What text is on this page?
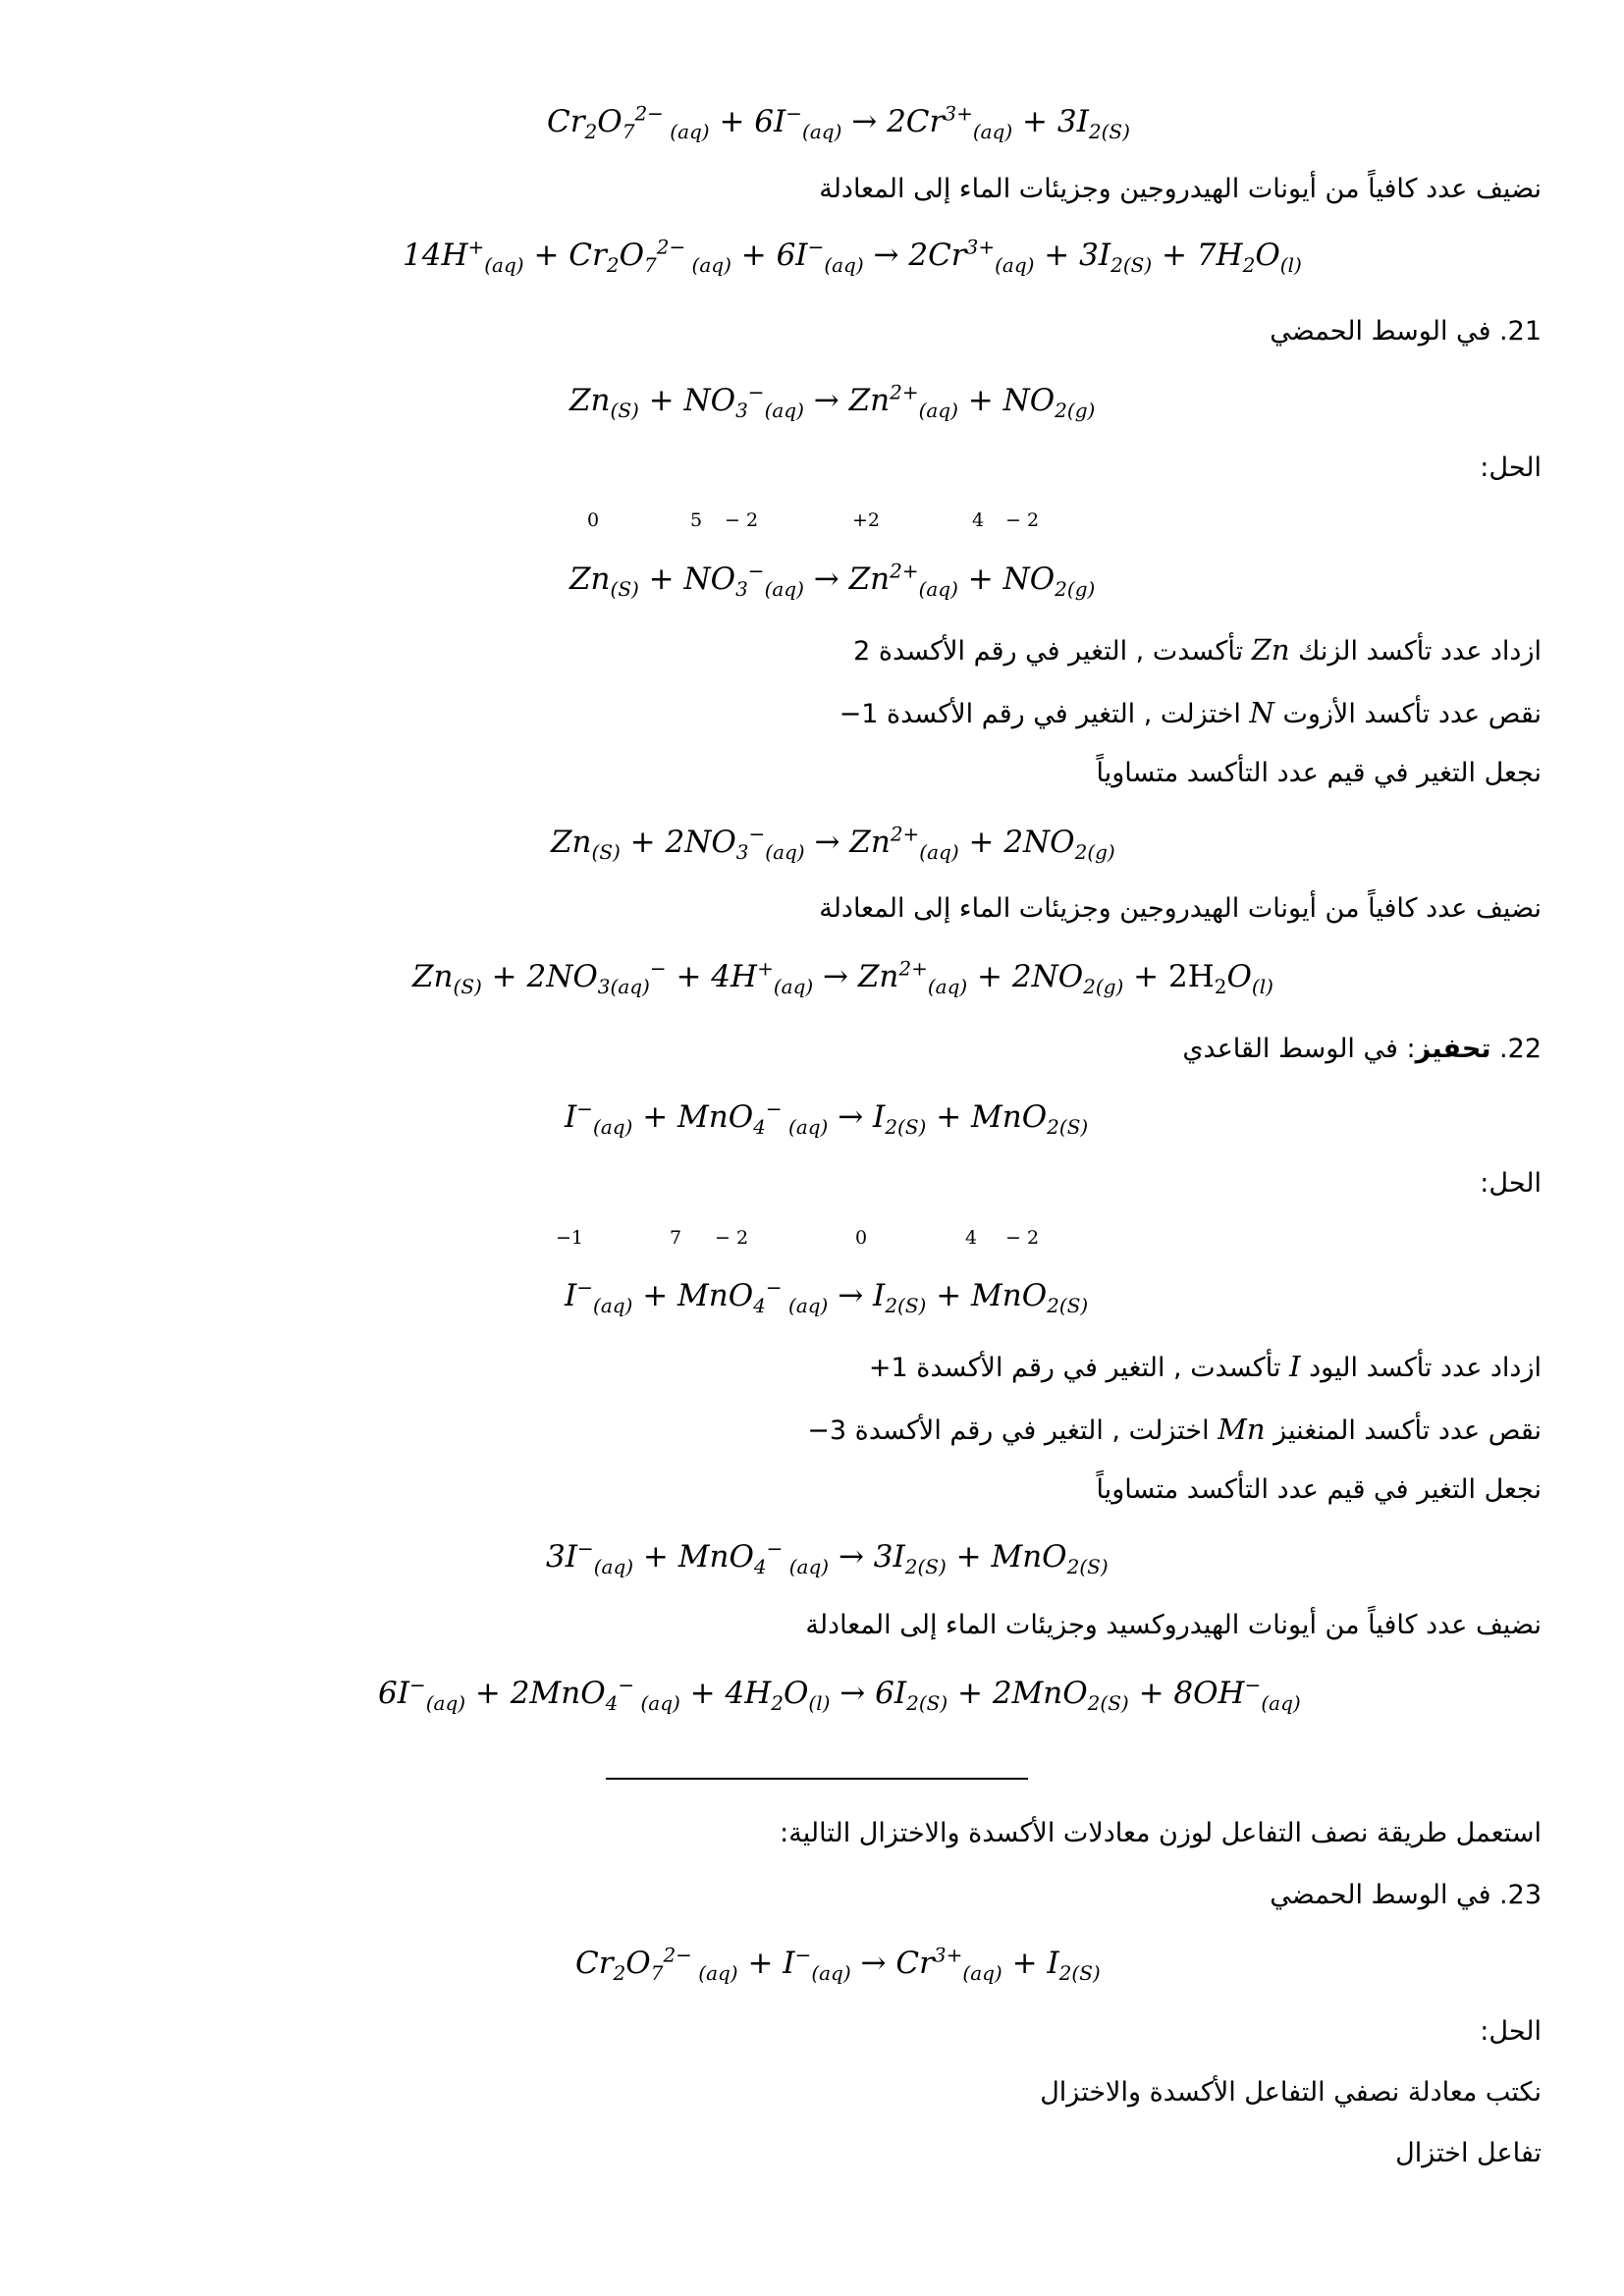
$Cr_2O_7^{2-}$ $_{(aq)} + 6I^-_{(aq)} \to 2Cr^{3+}_{(aq)} + 3I_{2(S)}$
نضيف عدد كافياً من أيونات الهيدروجين وجزيئات الماء إلى المعادلة
$14H^+_{(aq)} + Cr_2O_7^{2-}$ $_{(aq)} + 6I^-_{(aq)} \to 2Cr^{3+}_{(aq)} + 3I_{2(S)} + 7H_2O_{(l)}$
21. في الوسط الحمضي
$Zn_{(S)} + NO_3^-_{(aq)} \to Zn^{2+}_{(aq)} + NO_{2(g)}$
الحل:
0	5 − 2	+2	4 − 2
$Zn_{(S)} + NO_3^-_{(aq)} \to Zn^{2+}_{(aq)} + NO_{2(g)}$
ازداد عدد تأكسد الزنك Zn تأكسدت , التغير في رقم الأكسدة 2
نقص عدد تأكسد الأزوت N اختزلت , التغير في رقم الأكسدة 1−
نجعل التغير في قيم عدد التأكسد متساوياً
$Zn_{(S)} + 2NO_3^-_{(aq)} \to Zn^{2+}_{(aq)} + 2NO_{2(g)}$
نضيف عدد كافياً من أيونات الهيدروجين وجزيئات الماء إلى المعادلة
$Zn_{(S)} + 2NO_{3(aq)}^- + 4H^+_{(aq)} \to Zn^{2+}_{(aq)} + 2NO_{2(g)} + 2H_2O_{(l)}$
22. تحفيز: في الوسط القاعدي
$I^-_{(aq)} + MnO_4^-$ $_{(aq)} \to I_{2(S)} + MnO_{2(S)}$
الحل:
−1	7 − 2	0	4 − 2
$I^-_{(aq)} + MnO_4^-$ $_{(aq)} \to I_{2(S)} + MnO_{2(S)}$
ازداد عدد تأكسد اليود I تأكسدت , التغير في رقم الأكسدة 1+
نقص عدد تأكسد المنغنيز Mn اختزلت , التغير في رقم الأكسدة 3−
نجعل التغير في قيم عدد التأكسد متساوياً
$3I^-_{(aq)} + MnO_4^-$ $_{(aq)} \to 3I_{2(S)} + MnO_{2(S)}$
نضيف عدد كافياً من أيونات الهيدروكسيد وجزيئات الماء إلى المعادلة
$6I^-_{(aq)} + 2MnO_4^-$ $_{(aq)} + 4H_2O_{(l)} \to 6I_{2(S)} + 2MnO_{2(S)} + 8OH^-_{(aq)}$
استعمل طريقة نصف التفاعل لوزن معادلات الأكسدة والاختزال التالية:
23. في الوسط الحمضي
$Cr_2O_7^{2-}$ $_{(aq)} + I^-_{(aq)} \to Cr^{3+}_{(aq)} + I_{2(S)}$
الحل:
نكتب معادلة نصفي التفاعل الأكسدة والاختزال
تفاعل اختزال
